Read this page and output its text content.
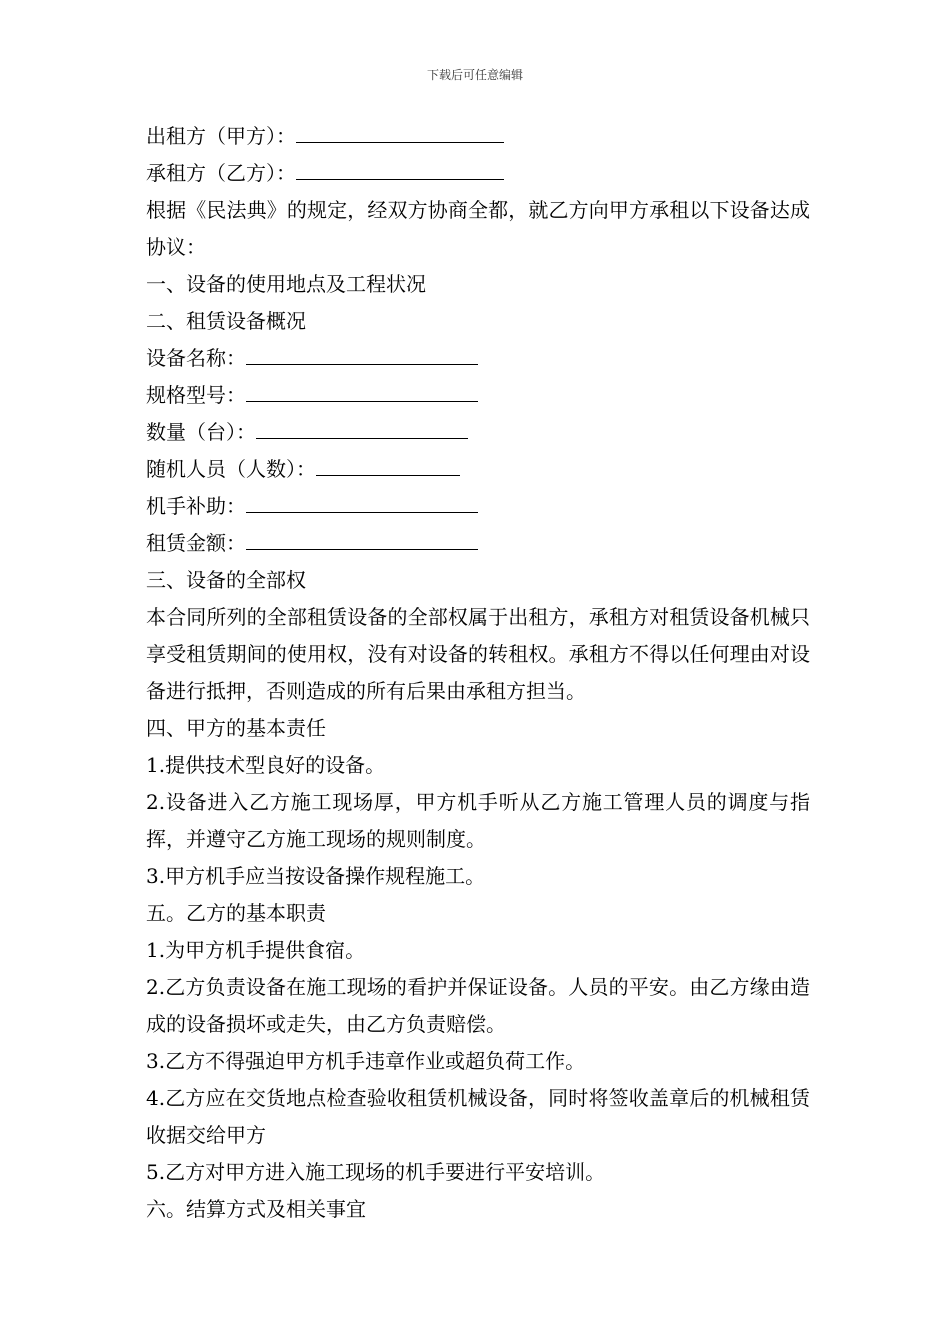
下载后可任意编辑
出租方（甲方）：
承租方（乙方）：
根据《民法典》的规定，经双方协商全都，就乙方向甲方承租以下设备达成协议：
一、设备的使用地点及工程状况
二、租赁设备概况
设备名称：
规格型号：
数量（台）：
随机人员（人数）：
机手补助：
租赁金额：
三、设备的全部权
本合同所列的全部租赁设备的全部权属于出租方，承租方对租赁设备机械只享受租赁期间的使用权，没有对设备的转租权。承租方不得以任何理由对设备进行抵押，否则造成的所有后果由承租方担当。
四、甲方的基本责任
1.提供技术型良好的设备。
2.设备进入乙方施工现场厚，甲方机手听从乙方施工管理人员的调度与指挥，并遵守乙方施工现场的规则制度。
3.甲方机手应当按设备操作规程施工。
五。乙方的基本职责
1.为甲方机手提供食宿。
2.乙方负责设备在施工现场的看护并保证设备。人员的平安。由乙方缘由造成的设备损坏或走失，由乙方负责赔偿。
3.乙方不得强迫甲方机手违章作业或超负荷工作。
4.乙方应在交货地点检查验收租赁机械设备，同时将签收盖章后的机械租赁收据交给甲方
5.乙方对甲方进入施工现场的机手要进行平安培训。
六。结算方式及相关事宜
